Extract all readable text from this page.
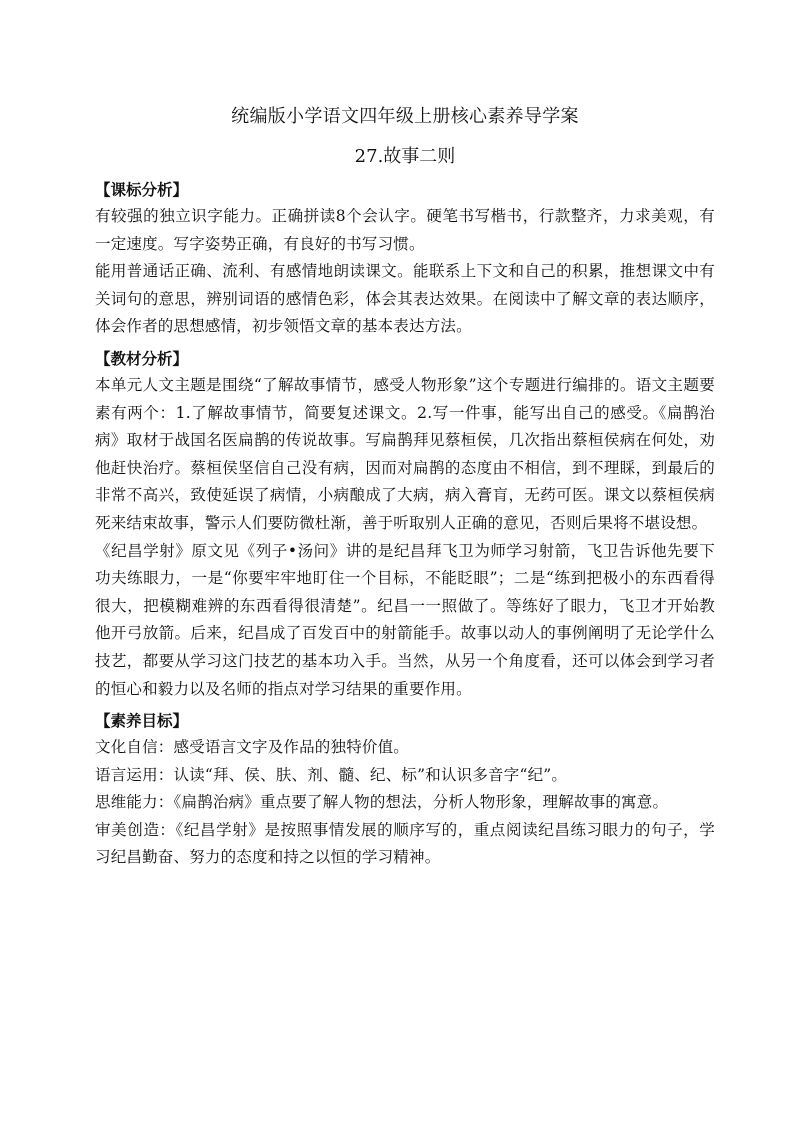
统编版小学语文四年级上册核心素养导学案
27.故事二则
【课标分析】

有较强的独立识字能力。正确拼读8个会认字。硬笔书写楷书，行款整齐，力求美观，有一定速度。写字姿势正确，有良好的书写习惯。

能用普通话正确、流利、有感情地朗读课文。能联系上下文和自己的积累，推想课文中有关词句的意思，辨别词语的感情色彩，体会其表达效果。在阅读中了解文章的表达顺序，体会作者的思想感情，初步领悟文章的基本表达方法。

【教材分析】

本单元人文主题是围绕“了解故事情节，感受人物形象”这个专题进行编排的。语文主题要素有两个：1.了解故事情节，简要复述课文。2.写一件事，能写出自己的感受。《扁鹊治病》取材于战国名医扁鹊的传说故事。写扁鹊拜见蔡桓侯，几次指出蔡桓侯病在何处，劝他赶快治疗。蔡桓侯坚信自己没有病，因而对扁鹊的态度由不相信，到不理睬，到最后的非常不高兴，致使延误了病情，小病酿成了大病，病入膏肓，无药可医。课文以蔡桓侯病死来结束故事，警示人们要防微杜渐，善于听取别人正确的意见，否则后果将不堪设想。

《纪昌学射》原文见《列子•汤问》讲的是纪昌拜飞卫为师学习射箭，飞卫告诉他先要下功夫练眼力，一是“你要牢牢地盯住一个目标，不能眨眼”；二是“练到把极小的东西看得很大，把模糊难辨的东西看得很清楚”。纪昌一一照做了。等练好了眼力，飞卫才开始教他开弓放箭。后来，纪昌成了百发百中的射箭能手。故事以动人的事例阐明了无论学什么技艺，都要从学习这门技艺的基本功入手。当然，从另一个角度看，还可以体会到学习者的恒心和毅力以及名师的指点对学习结果的重要作用。

【素养目标】

文化自信：感受语言文字及作品的独特价值。

语言运用：认读“拜、侯、肤、剂、髓、纪、标”和认识多音字“纪”。

思维能力：《扁鹊治病》重点要了解人物的想法，分析人物形象，理解故事的寓意。

审美创造：《纪昌学射》是按照事情发展的顺序写的，重点阅读纪昌练习眼力的句子，学习纪昌勤奋、努力的态度和持之以恒的学习精神。
